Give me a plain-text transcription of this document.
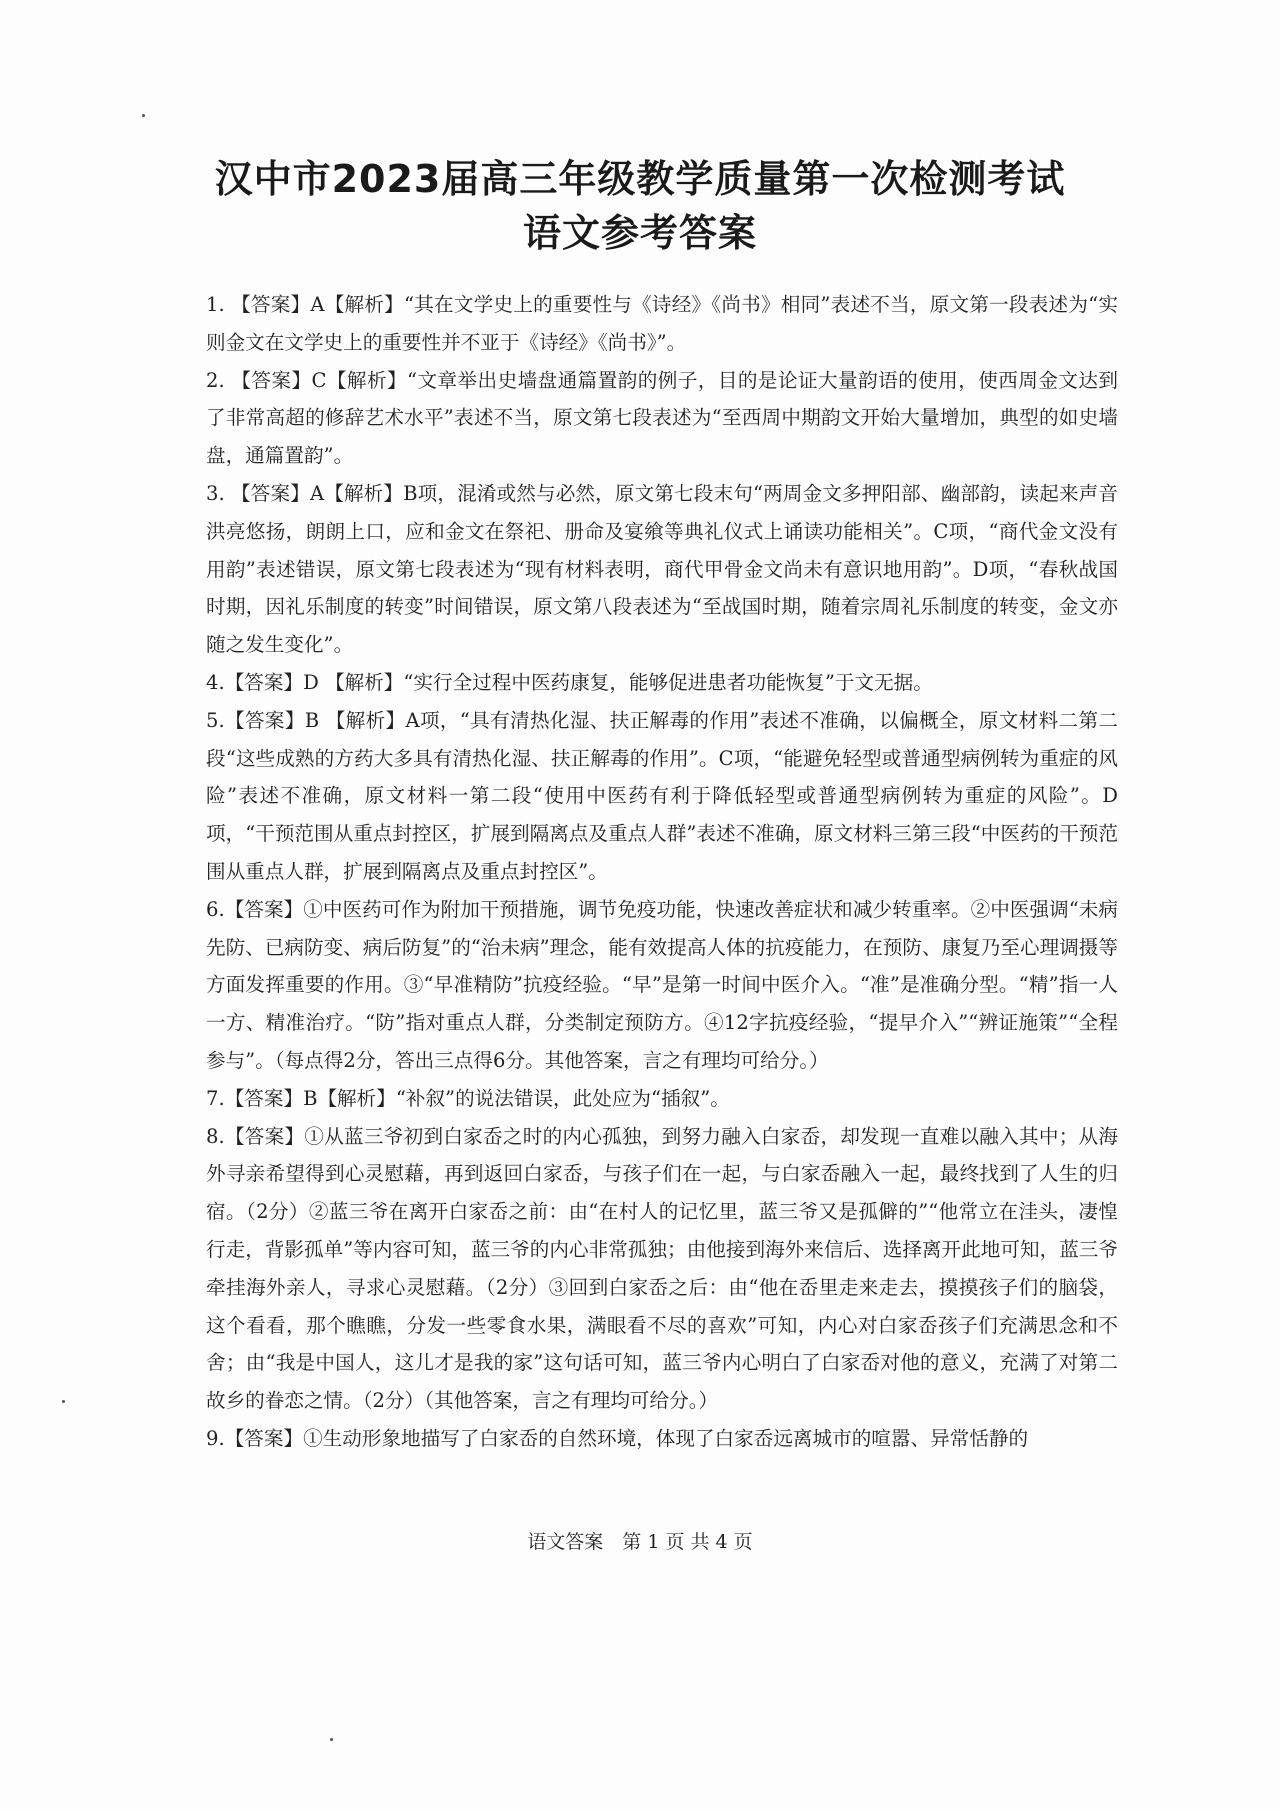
汉中市2023届高三年级教学质量第一次检测考试
语文参考答案

1. 【答案】A【解析】“其在文学史上的重要性与《诗经》《尚书》相同”表述不当，原文第一段表述为“实则金文在文学史上的重要性并不亚于《诗经》《尚书》”。

2. 【答案】C【解析】“文章举出史墙盘通篇置韵的例子，目的是论证大量韵语的使用，使西周金文达到了非常高超的修辞艺术水平”表述不当，原文第七段表述为“至西周中期韵文开始大量增加，典型的如史墙盘，通篇置韵”。

3. 【答案】A【解析】B项，混淆或然与必然，原文第七段末句“两周金文多押阳部、幽部韵，读起来声音洪亮悠扬，朗朗上口，应和金文在祭祀、册命及宴飨等典礼仪式上诵读功能相关”。C项，“商代金文没有用韵”表述错误，原文第七段表述为“现有材料表明，商代甲骨金文尚未有意识地用韵”。D项，“春秋战国时期，因礼乐制度的转变”时间错误，原文第八段表述为“至战国时期，随着宗周礼乐制度的转变，金文亦随之发生变化”。

4.【答案】D 【解析】“实行全过程中医药康复，能够促进患者功能恢复”于文无据。

5.【答案】B 【解析】A项，“具有清热化湿、扶正解毒的作用”表述不准确，以偏概全，原文材料二第二段“这些成熟的方药大多具有清热化湿、扶正解毒的作用”。C项，“能避免轻型或普通型病例转为重症的风险”表述不准确，原文材料一第二段“使用中医药有利于降低轻型或普通型病例转为重症的风险”。D项，“干预范围从重点封控区，扩展到隔离点及重点人群”表述不准确，原文材料三第三段“中医药的干预范围从重点人群，扩展到隔离点及重点封控区”。

6.【答案】①中医药可作为附加干预措施，调节免疫功能，快速改善症状和减少转重率。②中医强调“未病先防、已病防变、病后防复”的“治未病”理念，能有效提高人体的抗疫能力，在预防、康复乃至心理调摄等方面发挥重要的作用。③“早准精防”抗疫经验。“早”是第一时间中医介入。“准”是准确分型。“精”指一人一方、精准治疗。“防”指对重点人群，分类制定预防方。④12字抗疫经验，“提早介入”“辨证施策”“全程参与”。（每点得2分，答出三点得6分。其他答案，言之有理均可给分。）

7.【答案】B【解析】“补叙”的说法错误，此处应为“插叙”。

8.【答案】①从蓝三爷初到白家岙之时的内心孤独，到努力融入白家岙，却发现一直难以融入其中；从海外寻亲希望得到心灵慰藉，再到返回白家岙，与孩子们在一起，与白家岙融入一起，最终找到了人生的归宿。（2分）②蓝三爷在离开白家岙之前：由“在村人的记忆里，蓝三爷又是孤僻的”“他常立在洼头，凄惶行走，背影孤单”等内容可知，蓝三爷的内心非常孤独；由他接到海外来信后、选择离开此地可知，蓝三爷牵挂海外亲人，寻求心灵慰藉。（2分）③回到白家岙之后：由“他在岙里走来走去，摸摸孩子们的脑袋，这个看看，那个瞧瞧，分发一些零食水果，满眼看不尽的喜欢”可知，内心对白家岙孩子们充满思念和不舍；由“我是中国人，这儿才是我的家”这句话可知，蓝三爷内心明白了白家岙对他的意义，充满了对第二故乡的眷恋之情。（2分）（其他答案，言之有理均可给分。）

9.【答案】①生动形象地描写了白家岙的自然环境，体现了白家岙远离城市的喧嚣、异常恬静的

语文答案　第 1 页 共 4 页
